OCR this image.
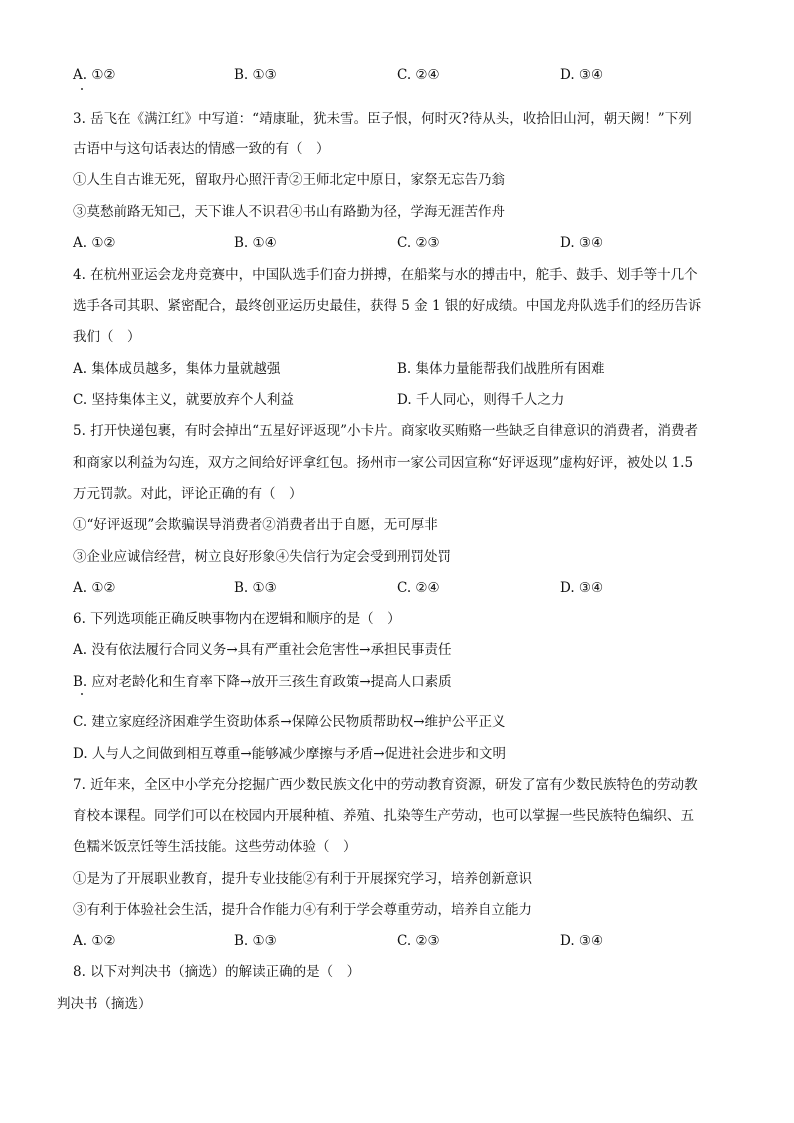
A. ①②	B. ①③	C. ②④	D. ③④
3. 岳飞在《满江红》中写道：“靖康耻，犹未雪。臣子恨，何时灭?待从头，收拾旧山河，朝天阙！”下列
古语中与这句话表达的情感一致的有（　）
①人生自古谁无死，留取丹心照汗青②王师北定中原日，家祭无忘告乃翁
③莫愁前路无知己，天下谁人不识君④书山有路勤为径，学海无涯苦作舟
A. ①②	B. ①④	C. ②③	D. ③④
4. 在杭州亚运会龙舟竞赛中，中国队选手们奋力拼搏，在船桨与水的搏击中，舵手、鼓手、划手等十几个
选手各司其职、紧密配合，最终创亚运历史最佳，获得 5 金 1 银的好成绩。中国龙舟队选手们的经历告诉
我们（　）
A. 集体成员越多，集体力量就越强	B. 集体力量能帮我们战胜所有困难
C. 坚持集体主义，就要放弃个人利益	D. 千人同心，则得千人之力
5. 打开快递包裹，有时会掉出“五星好评返现”小卡片。商家收买贿赂一些缺乏自律意识的消费者，消费者
和商家以利益为勾连，双方之间给好评拿红包。扬州市一家公司因宣称“好评返现”虚构好评，被处以 1.5
万元罚款。对此，评论正确的有（　）
①“好评返现”会欺骗误导消费者②消费者出于自愿，无可厚非
③企业应诚信经营，树立良好形象④失信行为定会受到刑罚处罚
A. ①②	B. ①③	C. ②④	D. ③④
6. 下列选项能正确反映事物内在逻辑和顺序的是（　）
A. 没有依法履行合同义务→具有严重社会危害性→承担民事责任
B. 应对老龄化和生育率下降→放开三孩生育政策→提高人口素质
C. 建立家庭经济困难学生资助体系→保障公民物质帮助权→维护公平正义
D. 人与人之间做到相互尊重→能够减少摩擦与矛盾→促进社会进步和文明
7. 近年来，全区中小学充分挖掘广西少数民族文化中的劳动教育资源，研发了富有少数民族特色的劳动教
育校本课程。同学们可以在校园内开展种植、养殖、扎染等生产劳动，也可以掌握一些民族特色编织、五
色糯米饭烹饪等生活技能。这些劳动体验（　）
①是为了开展职业教育，提升专业技能②有利于开展探究学习，培养创新意识
③有利于体验社会生活，提升合作能力④有利于学会尊重劳动，培养自立能力
A. ①②	B. ①③	C. ②③	D. ③④
8. 以下对判决书（摘选）的解读正确的是（　）
判决书（摘选）
